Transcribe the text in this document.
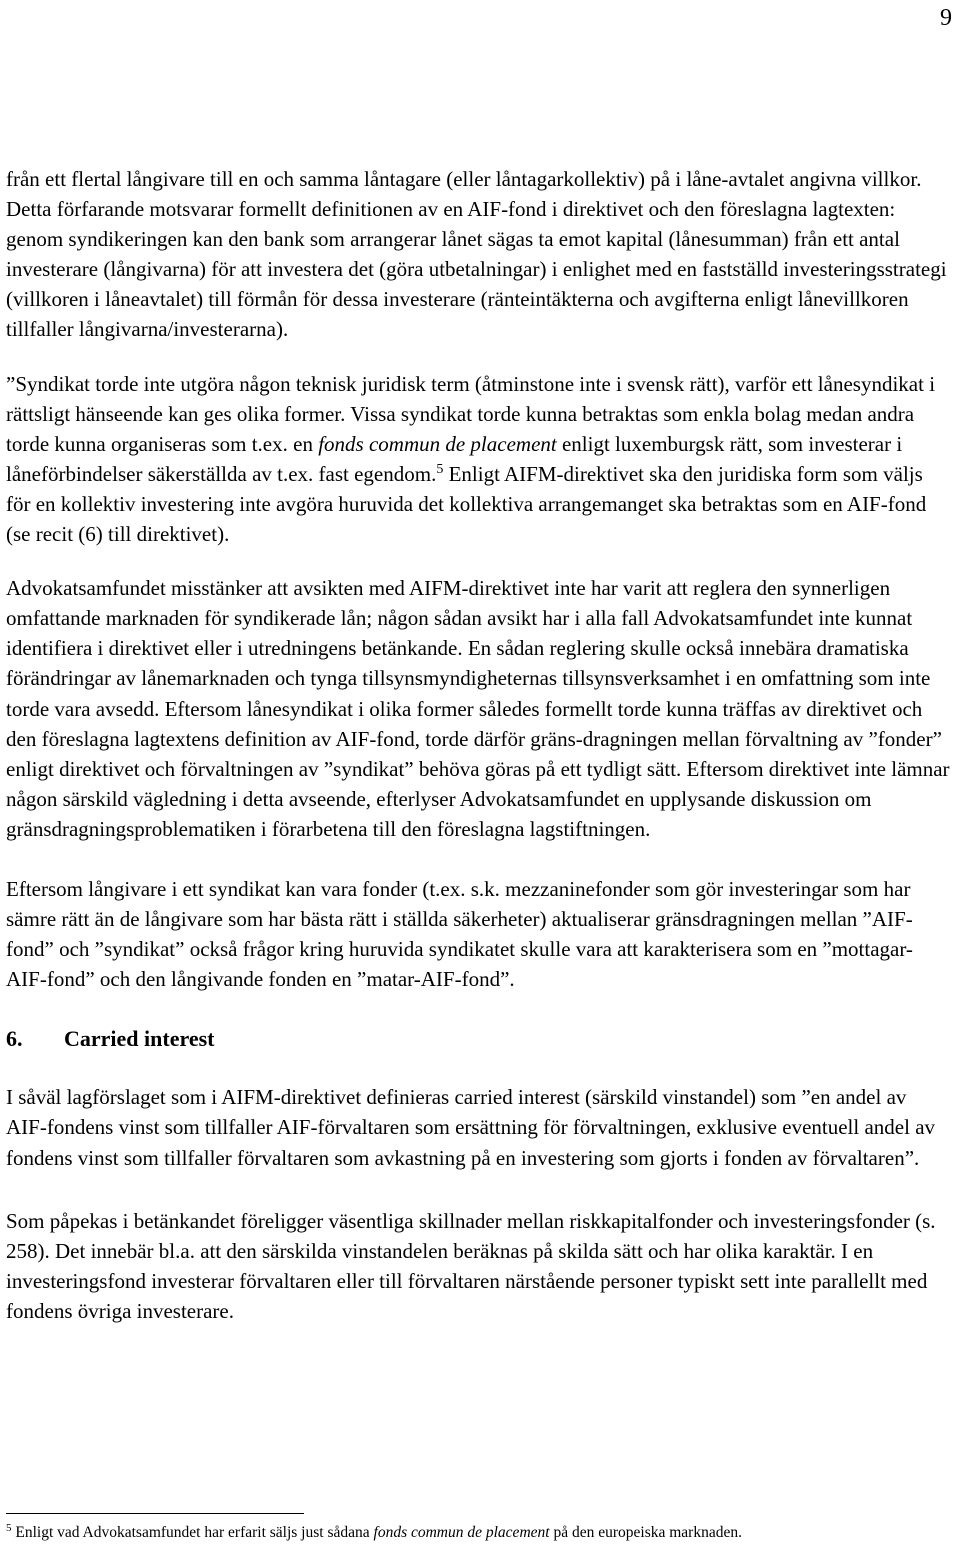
9

från ett flertal långivare till en och samma låntagare (eller låntagarkollektiv) på i låne-avtalet angivna villkor. Detta förfarande motsvarar formellt definitionen av en AIF-fond i direktivet och den föreslagna lagtexten: genom syndikeringen kan den bank som arrangerar lånet sägas ta emot kapital (lånesumman) från ett antal investerare (långivarna) för att investera det (göra utbetalningar) i enlighet med en fastställd investeringsstrategi (villkoren i låneavtalet) till förmån för dessa investerare (ränteintäkterna och avgifterna enligt lånevillkoren tillfaller långivarna/investerarna).

”Syndikat torde inte utgöra någon teknisk juridisk term (åtminstone inte i svensk rätt), varför ett lånesyndikat i rättsligt hänseende kan ges olika former. Vissa syndikat torde kunna betraktas som enkla bolag medan andra torde kunna organiseras som t.ex. en fonds commun de placement enligt luxemburgsk rätt, som investerar i låneförbindelser säkerställda av t.ex. fast egendom.$^5$ Enligt AIFM-direktivet ska den juridiska form som väljs för en kollektiv investering inte avgöra huruvida det kollektiva arrangemanget ska betraktas som en AIF-fond (se recit (6) till direktivet).

Advokatsamfundet misstänker att avsikten med AIFM-direktivet inte har varit att reglera den synnerligen omfattande marknaden för syndikerade lån; någon sådan avsikt har i alla fall Advokatsamfundet inte kunnat identifiera i direktivet eller i utredningens betänkande. En sådan reglering skulle också innebära dramatiska förändringar av lånemarknaden och tynga tillsynsmyndigheternas tillsynsverksamhet i en omfattning som inte torde vara avsedd. Eftersom lånesyndikat i olika former således formellt torde kunna träffas av direktivet och den föreslagna lagtextens definition av AIF-fond, torde därför gräns-dragningen mellan förvaltning av ”fonder” enligt direktivet och förvaltningen av ”syndikat” behöva göras på ett tydligt sätt. Eftersom direktivet inte lämnar någon särskild vägledning i detta avseende, efterlyser Advokatsamfundet en upplysande diskussion om gränsdragningsproblematiken i förarbetena till den föreslagna lagstiftningen.

Eftersom långivare i ett syndikat kan vara fonder (t.ex. s.k. mezzaninefonder som gör investeringar som har sämre rätt än de långivare som har bästa rätt i ställda säkerheter) aktualiserar gränsdragningen mellan ”AIF-fond” och ”syndikat” också frågor kring huruvida syndikatet skulle vara att karakterisera som en ”mottagar-AIF-fond” och den långivande fonden en ”matar-AIF-fond”.

6. Carried interest

I såväl lagförslaget som i AIFM-direktivet definieras carried interest (särskild vinstandel) som ”en andel av AIF-fondens vinst som tillfaller AIF-förvaltaren som ersättning för förvaltningen, exklusive eventuell andel av fondens vinst som tillfaller förvaltaren som avkastning på en investering som gjorts i fonden av förvaltaren”.

Som påpekas i betänkandet föreligger väsentliga skillnader mellan riskkapitalfonder och investeringsfonder (s. 258). Det innebär bl.a. att den särskilda vinstandelen beräknas på skilda sätt och har olika karaktär. I en investeringsfond investerar förvaltaren eller till förvaltaren närstående personer typiskt sett inte parallellt med fondens övriga investerare.

$^5$ Enligt vad Advokatsamfundet har erfarit säljs just sådana fonds commun de placement på den europeiska marknaden.
